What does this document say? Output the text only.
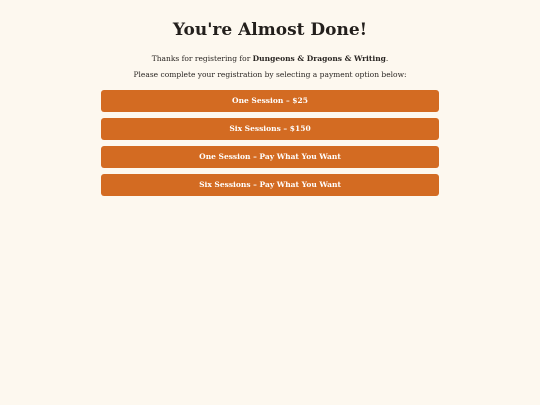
You're Almost Done!

Thanks for registering for Dungeons & Dragons & Writing.

Please complete your registration by selecting a payment option below:

One Session – $25
Six Sessions – $150
One Session – Pay What You Want
Six Sessions – Pay What You Want
